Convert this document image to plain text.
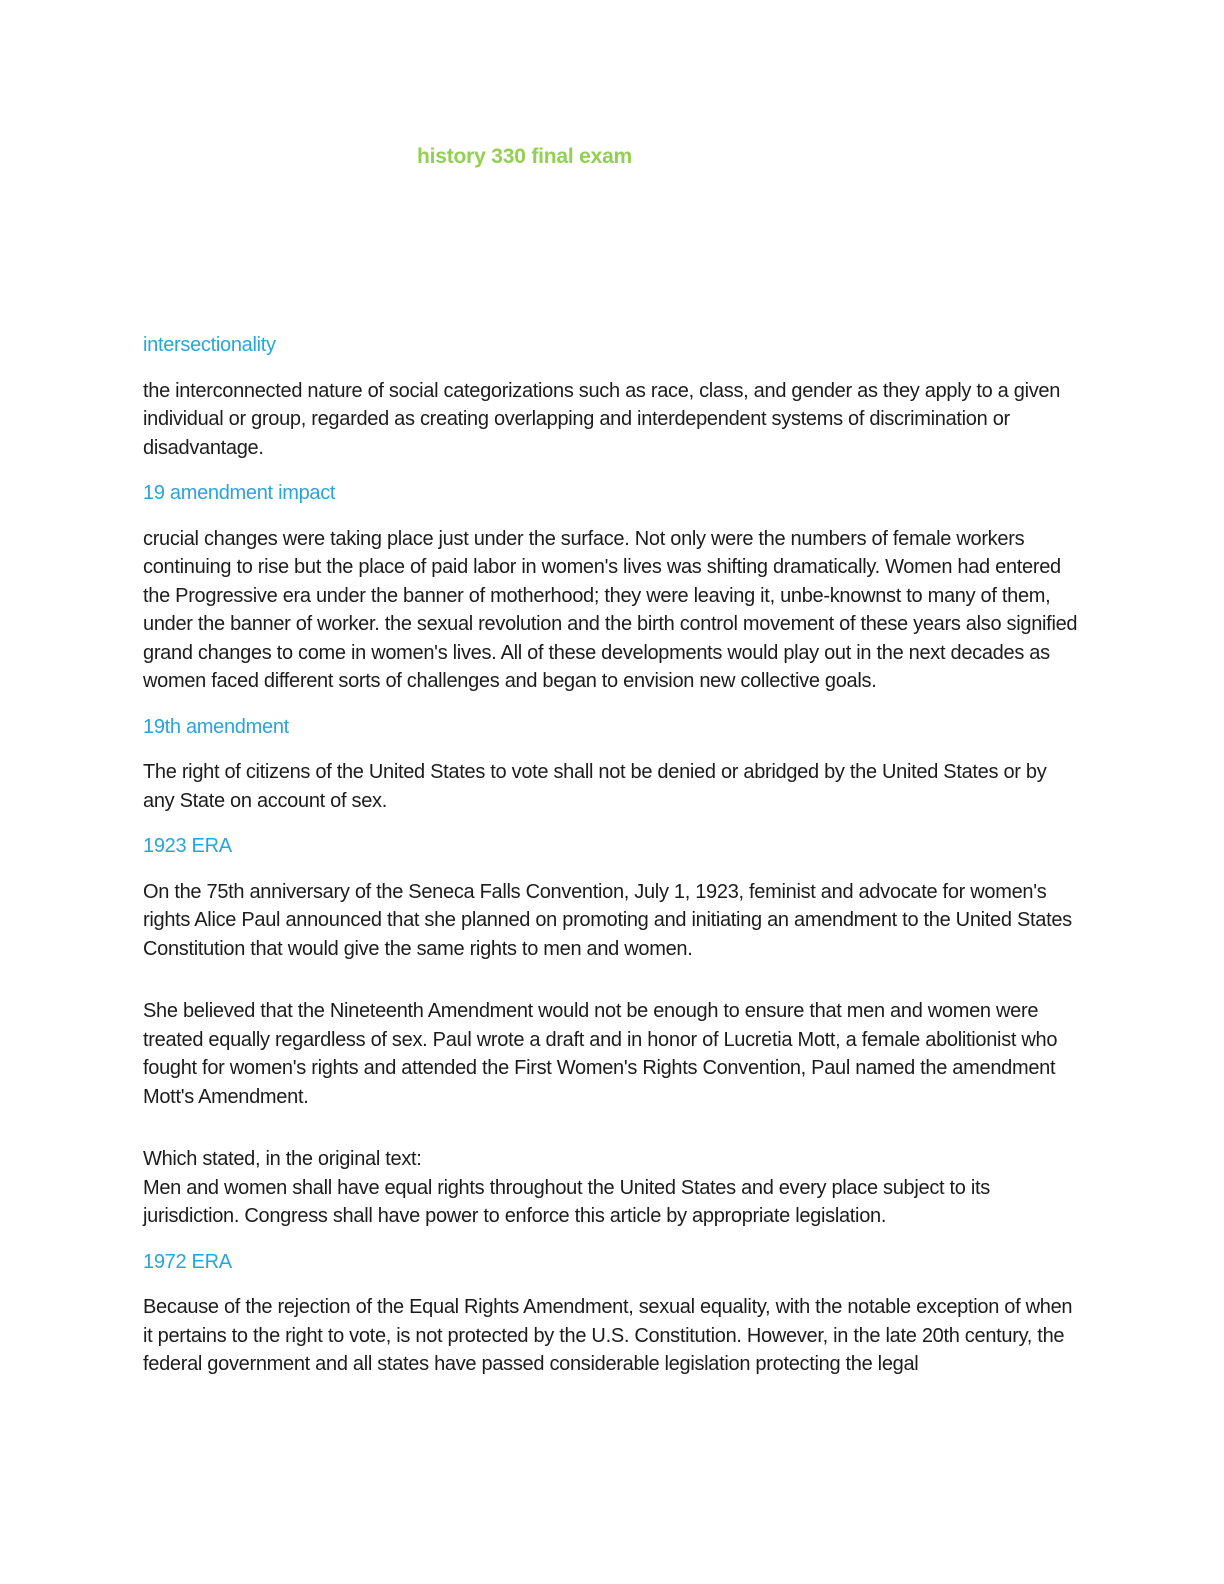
history 330 final exam
intersectionality

the interconnected nature of social categorizations such as race, class, and gender as they apply to a given individual or group, regarded as creating overlapping and interdependent systems of discrimination or disadvantage.

19 amendment impact

crucial changes were taking place just under the surface. Not only were the numbers of female workers continuing to rise but the place of paid labor in women's lives was shifting dramatically. Women had entered the Progressive era under the banner of motherhood; they were leaving it, unbe-knownst to many of them, under the banner of worker. the sexual revolution and the birth control movement of these years also signified grand changes to come in women's lives. All of these developments would play out in the next decades as women faced different sorts of challenges and began to envision new collective goals.

19th amendment

The right of citizens of the United States to vote shall not be denied or abridged by the United States or by any State on account of sex.

1923 ERA

On the 75th anniversary of the Seneca Falls Convention, July 1, 1923, feminist and advocate for women's rights Alice Paul announced that she planned on promoting and initiating an amendment to the United States Constitution that would give the same rights to men and women.

She believed that the Nineteenth Amendment would not be enough to ensure that men and women were treated equally regardless of sex. Paul wrote a draft and in honor of Lucretia Mott, a female abolitionist who fought for women's rights and attended the First Women's Rights Convention, Paul named the amendment Mott's Amendment.

Which stated, in the original text:
Men and women shall have equal rights throughout the United States and every place subject to its jurisdiction. Congress shall have power to enforce this article by appropriate legislation.

1972 ERA

Because of the rejection of the Equal Rights Amendment, sexual equality, with the notable exception of when it pertains to the right to vote, is not protected by the U.S. Constitution. However, in the late 20th century, the federal government and all states have passed considerable legislation protecting the legal
